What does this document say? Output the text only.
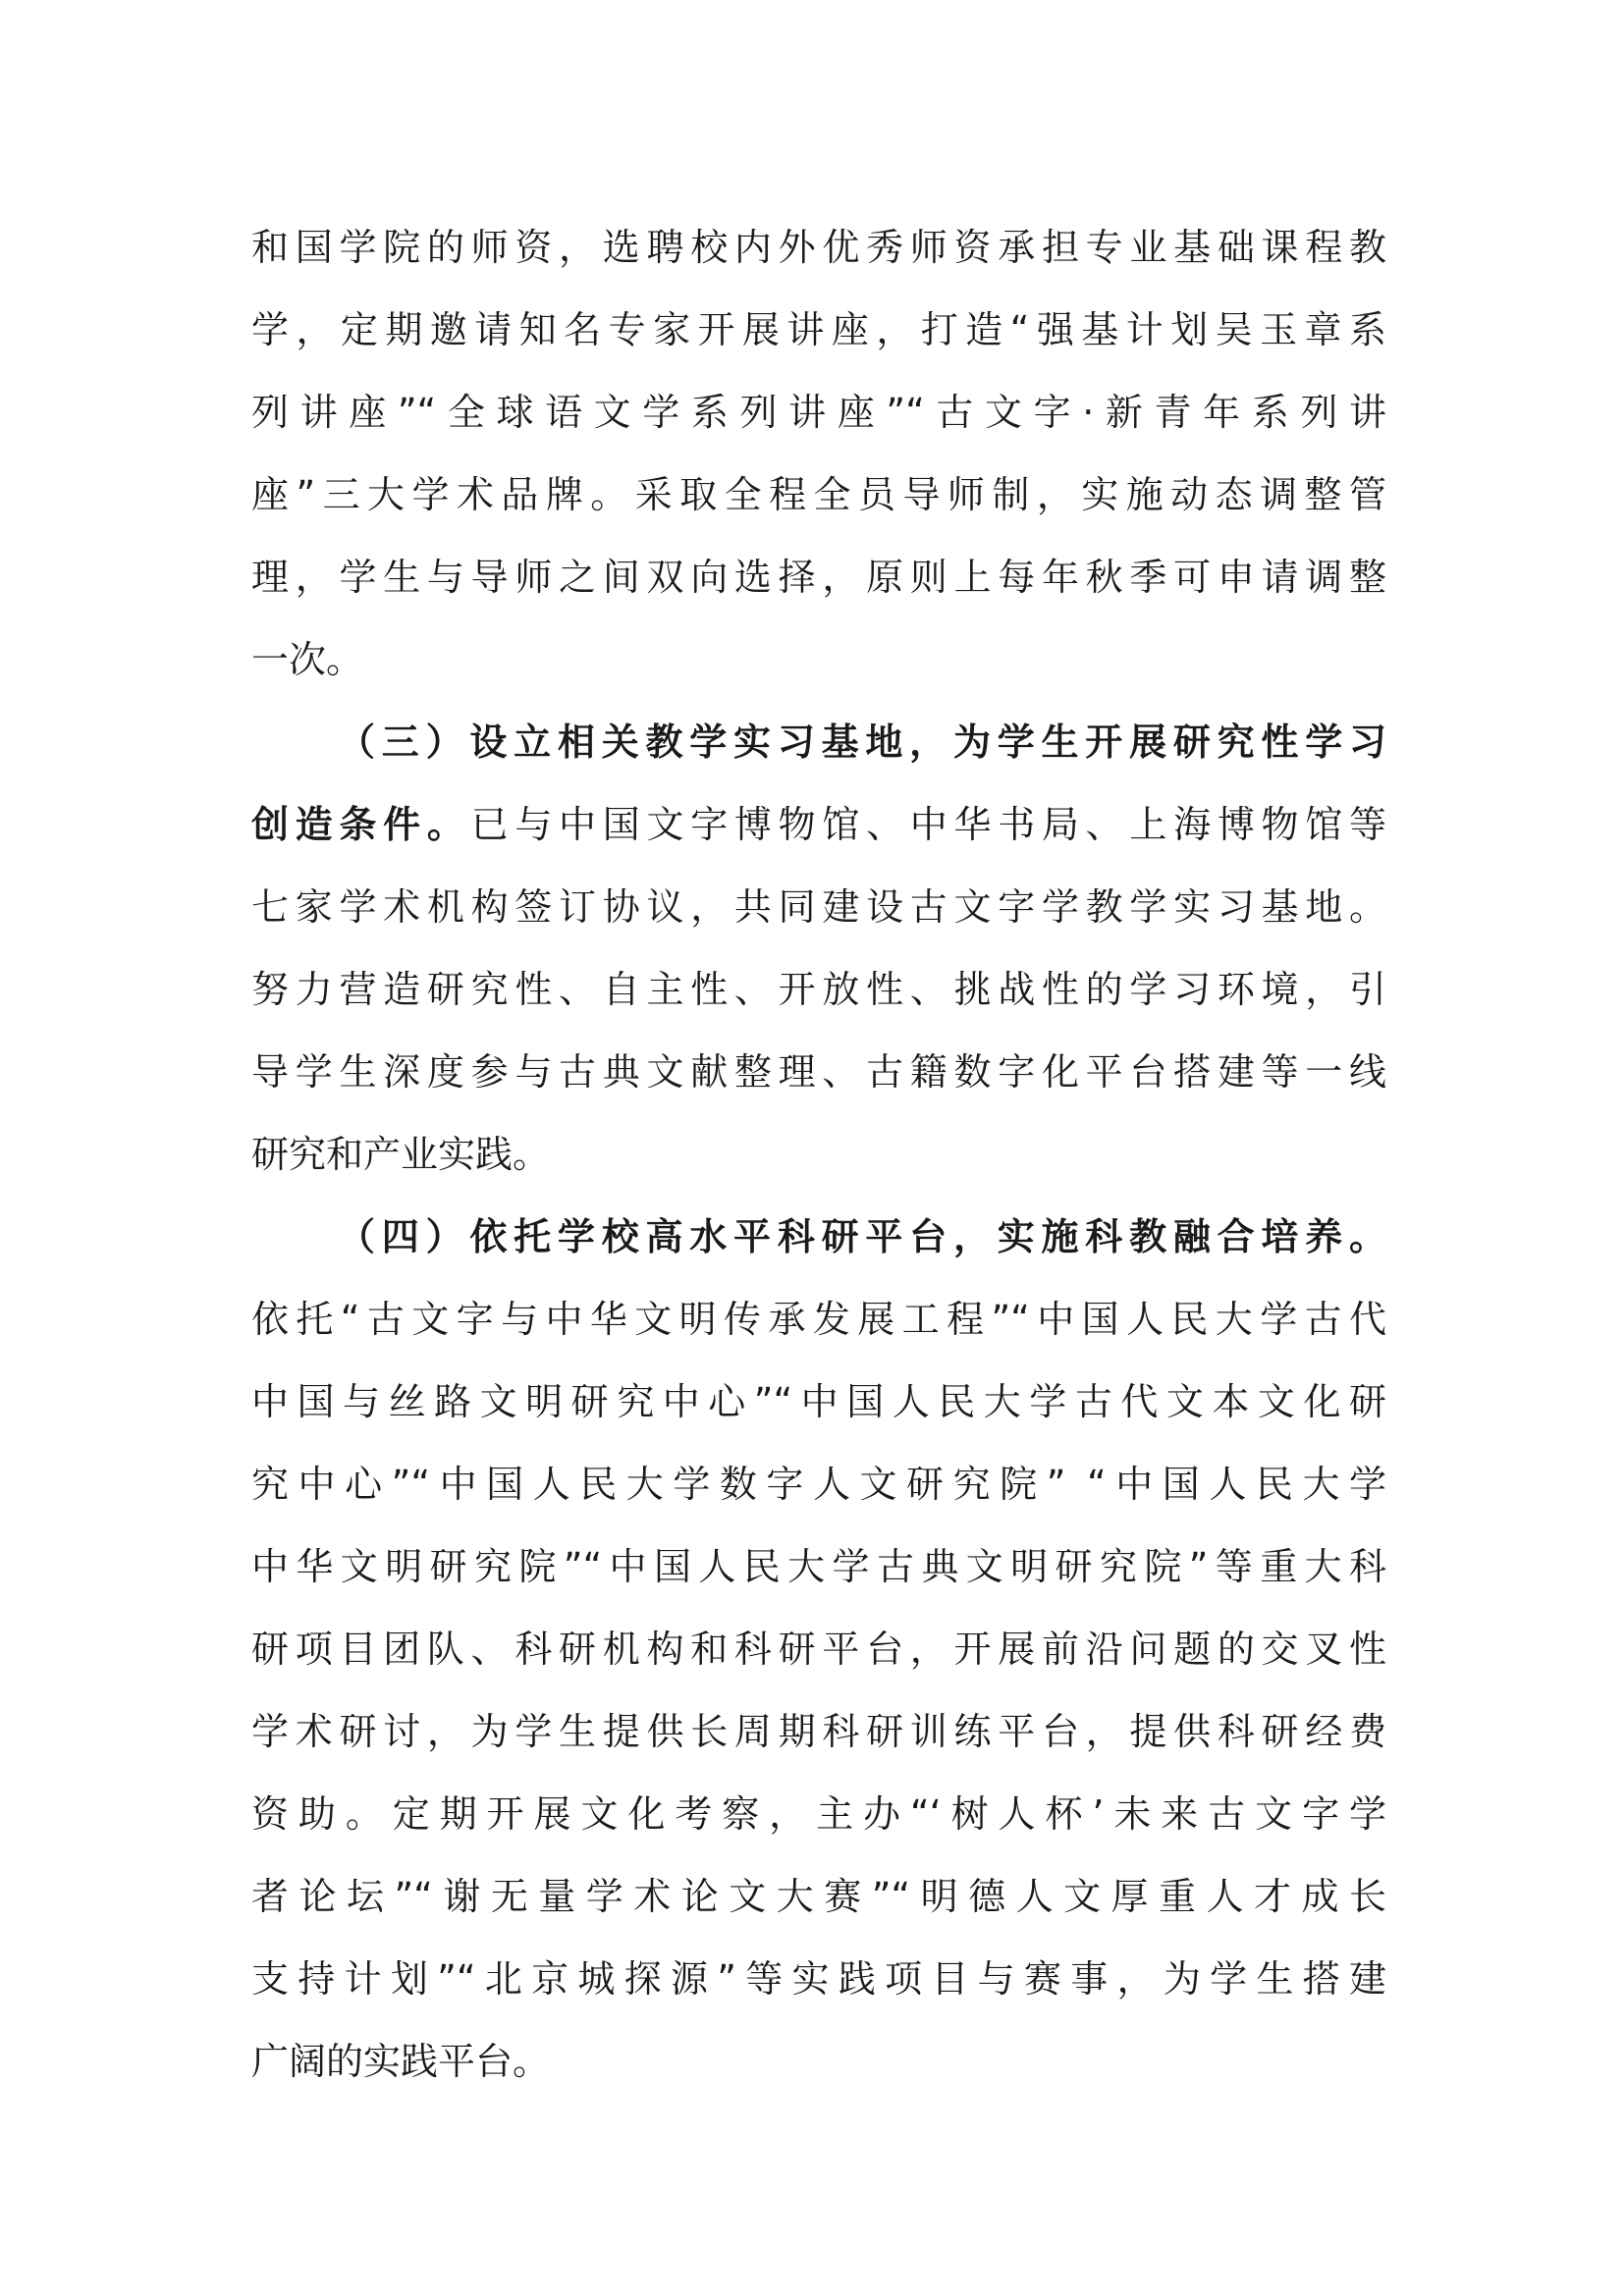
和国学院的师资，选聘校内外优秀师资承担专业基础课程教
学，定期邀请知名专家开展讲座，打造“强基计划吴玉章系
列讲座”“全球语文学系列讲座”“古文字·新青年系列讲
座”三大学术品牌。采取全程全员导师制，实施动态调整管
理，学生与导师之间双向选择，原则上每年秋季可申请调整
一次。
（三）设立相关教学实习基地，为学生开展研究性学习
创造条件。已与中国文字博物馆、中华书局、上海博物馆等
七家学术机构签订协议，共同建设古文字学教学实习基地。
努力营造研究性、自主性、开放性、挑战性的学习环境，引
导学生深度参与古典文献整理、古籍数字化平台搭建等一线
研究和产业实践。
（四）依托学校高水平科研平台，实施科教融合培养。
依托“古文字与中华文明传承发展工程”“中国人民大学古代
中国与丝路文明研究中心”“中国人民大学古代文本文化研
究中心”“中国人民大学数字人文研究院” “中国人民大学
中华文明研究院”“中国人民大学古典文明研究院”等重大科
研项目团队、科研机构和科研平台，开展前沿问题的交叉性
学术研讨，为学生提供长周期科研训练平台，提供科研经费
资助。定期开展文化考察，主办“‘树人杯’未来古文字学
者论坛”“谢无量学术论文大赛”“明德人文厚重人才成长
支持计划”“北京城探源”等实践项目与赛事，为学生搭建
广阔的实践平台。
